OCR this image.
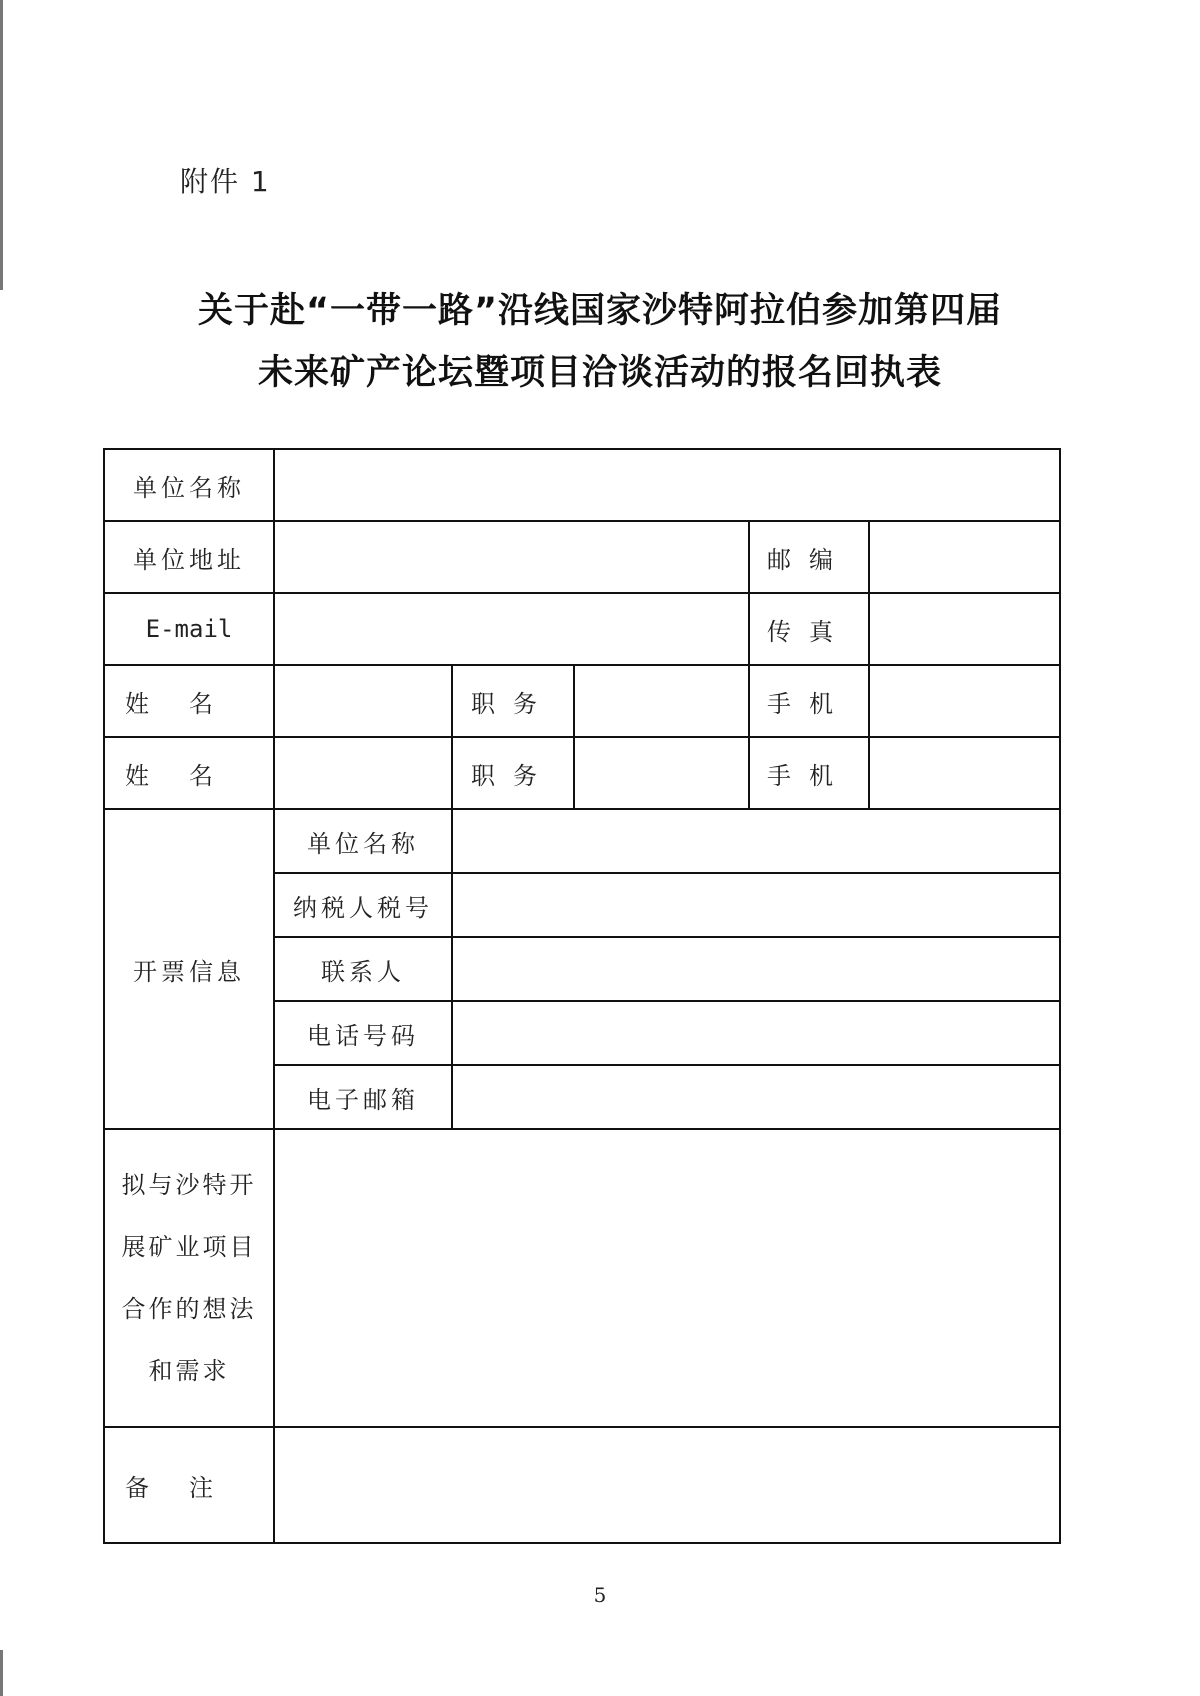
附件 1
关于赴“一带一路”沿线国家沙特阿拉伯参加第四届
未来矿产论坛暨项目洽谈活动的报名回执表
单位名称					
单位地址				邮编	
E-mail				传真	
姓名		职务		手机	
姓名		职务		手机	
开票信息	单位名称				
	纳税人税号				
	联系人				
	电话号码				
	电子邮箱				

拟与沙特开
展矿业项目
合作的想法
和需求					

备注					
5
